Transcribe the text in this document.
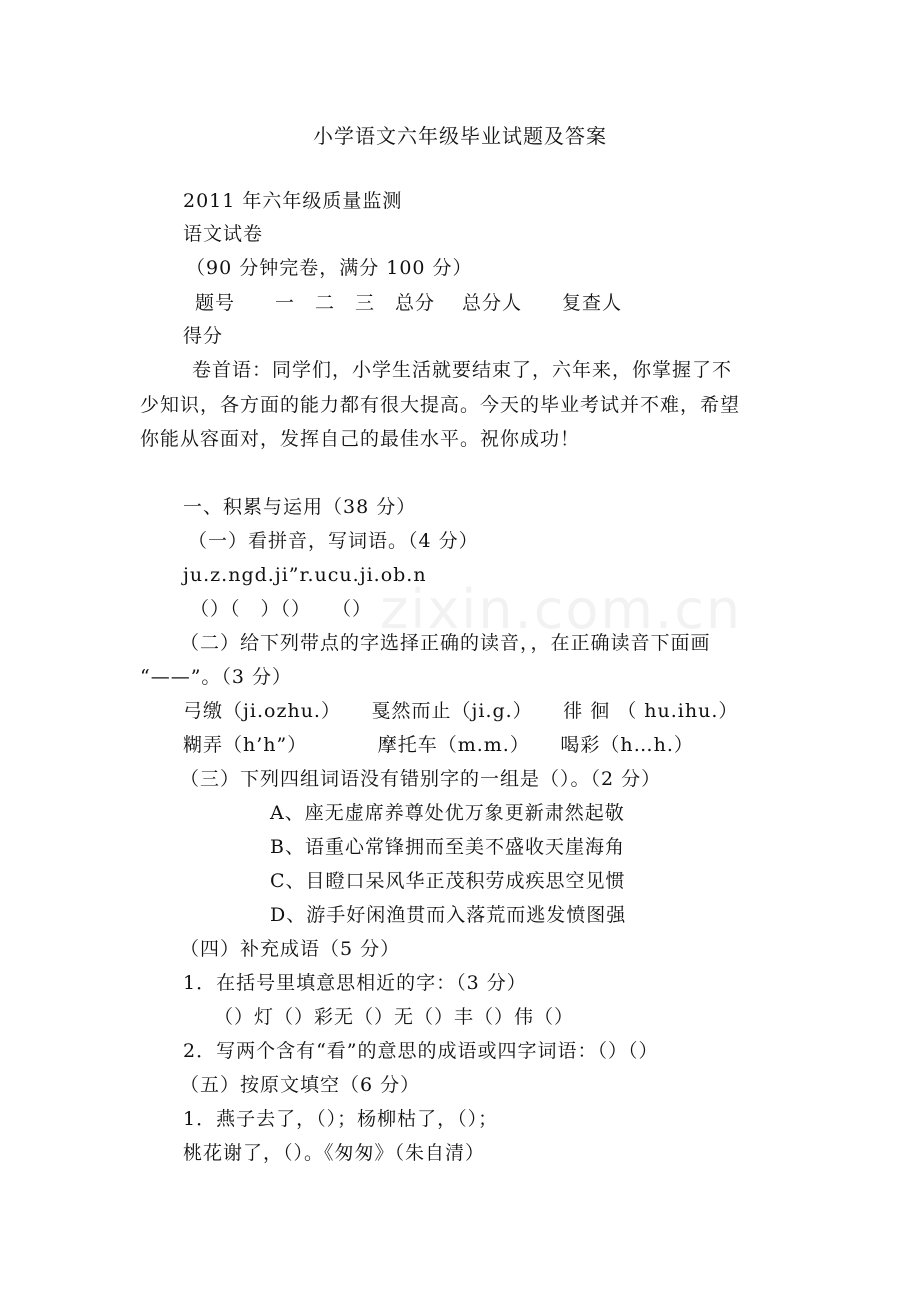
zixin.com.cn
小学语文六年级毕业试题及答案
2011 年六年级质量监测
语文试卷
（90 分钟完卷，满分 100 分）
题号　　一　二　三　总分　 总分人　　复查人
得分
卷首语：同学们，小学生活就要结束了，六年来，你掌握了不
少知识，各方面的能力都有很大提高。今天的毕业考试并不难，希望
你能从容面对，发挥自己的最佳水平。祝你成功！
一、积累与运用（38 分）
（一）看拼音，写词语。（4 分）
ju.z.ngd.ji”r.ucu.ji.ob.n
（）（　）（）　　（）
（二）给下列带点的字选择正确的读音，，在正确读音下面画
“——”。（3 分）
弓缴（ji.ozhu.）　　戛然而止（ji.g.）　　徘 徊 （ hu.ihu.）
糊弄（h’h”）　　　　摩托车（m.m.）　　喝彩（h…h.）
（三）下列四组词语没有错别字的一组是（）。（2 分）
A、座无虚席养尊处优万象更新肃然起敬
B、语重心常锋拥而至美不盛收天崖海角
C、目瞪口呆风华正茂积劳成疾思空见惯
D、游手好闲渔贯而入落荒而逃发愤图强
（四）补充成语（5 分）
1．在括号里填意思相近的字：（3 分）
（）灯（）彩无（）无（）丰（）伟（）
2．写两个含有“看”的意思的成语或四字词语：（）（）
（五）按原文填空（6 分）
1．燕子去了，（）；杨柳枯了，（）；
桃花谢了，（）。《匆匆》（朱自清）
